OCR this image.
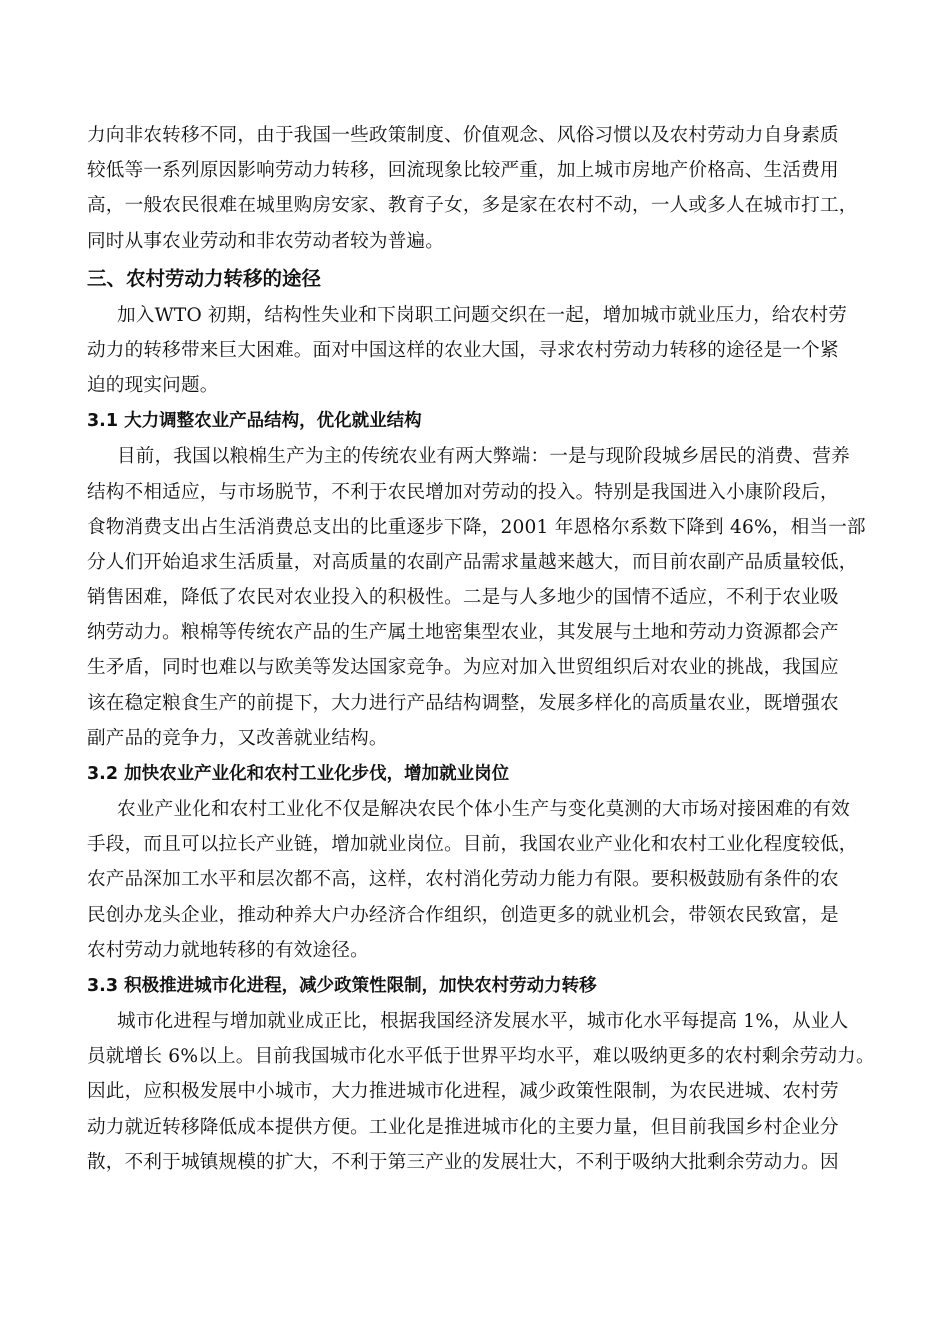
力向非农转移不同，由于我国一些政策制度、价值观念、风俗习惯以及农村劳动力自身素质
较低等一系列原因影响劳动力转移，回流现象比较严重，加上城市房地产价格高、生活费用
高，一般农民很难在城里购房安家、教育子女，多是家在农村不动，一人或多人在城市打工，
同时从事农业劳动和非农劳动者较为普遍。
三、农村劳动力转移的途径
加入WTO 初期，结构性失业和下岗职工问题交织在一起，增加城市就业压力，给农村劳
动力的转移带来巨大困难。面对中国这样的农业大国，寻求农村劳动力转移的途径是一个紧
迫的现实问题。
3.1 大力调整农业产品结构，优化就业结构
目前，我国以粮棉生产为主的传统农业有两大弊端：一是与现阶段城乡居民的消费、营养
结构不相适应，与市场脱节，不利于农民增加对劳动的投入。特别是我国进入小康阶段后，
食物消费支出占生活消费总支出的比重逐步下降，2001 年恩格尔系数下降到 46%，相当一部
分人们开始追求生活质量，对高质量的农副产品需求量越来越大，而目前农副产品质量较低，
销售困难，降低了农民对农业投入的积极性。二是与人多地少的国情不适应，不利于农业吸
纳劳动力。粮棉等传统农产品的生产属土地密集型农业，其发展与土地和劳动力资源都会产
生矛盾，同时也难以与欧美等发达国家竞争。为应对加入世贸组织后对农业的挑战，我国应
该在稳定粮食生产的前提下，大力进行产品结构调整，发展多样化的高质量农业，既增强农
副产品的竞争力，又改善就业结构。
3.2 加快农业产业化和农村工业化步伐，增加就业岗位
农业产业化和农村工业化不仅是解决农民个体小生产与变化莫测的大市场对接困难的有效
手段，而且可以拉长产业链，增加就业岗位。目前，我国农业产业化和农村工业化程度较低，
农产品深加工水平和层次都不高，这样，农村消化劳动力能力有限。要积极鼓励有条件的农
民创办龙头企业，推动种养大户办经济合作组织，创造更多的就业机会，带领农民致富，是
农村劳动力就地转移的有效途径。
3.3 积极推进城市化进程，减少政策性限制，加快农村劳动力转移
城市化进程与增加就业成正比，根据我国经济发展水平，城市化水平每提高 1%，从业人
员就增长 6%以上。目前我国城市化水平低于世界平均水平，难以吸纳更多的农村剩余劳动力。
因此，应积极发展中小城市，大力推进城市化进程，减少政策性限制，为农民进城、农村劳
动力就近转移降低成本提供方便。工业化是推进城市化的主要力量，但目前我国乡村企业分
散，不利于城镇规模的扩大，不利于第三产业的发展壮大，不利于吸纳大批剩余劳动力。因
